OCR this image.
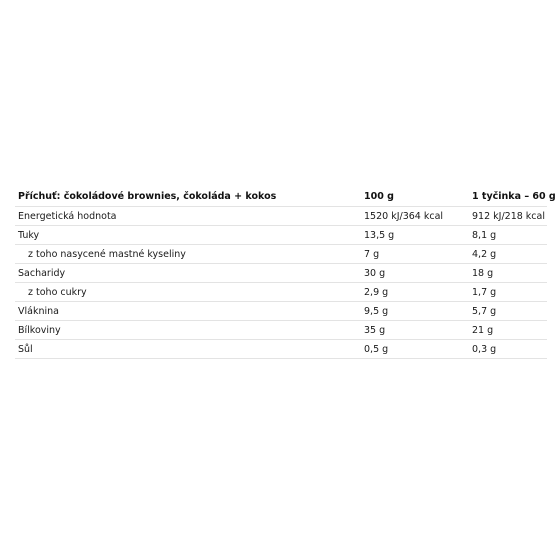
Příchuť: čokoládové brownies, čokoláda + kokos	100 g	1 tyčinka – 60 g
Energetická hodnota	1520 kJ/364 kcal	912 kJ/218 kcal
Tuky	13,5 g	8,1 g
z toho nasycené mastné kyseliny	7 g	4,2 g
Sacharidy	30 g	18 g
z toho cukry	2,9 g	1,7 g
Vláknina	9,5 g	5,7 g
Bílkoviny	35 g	21 g
Sůl	0,5 g	0,3 g
